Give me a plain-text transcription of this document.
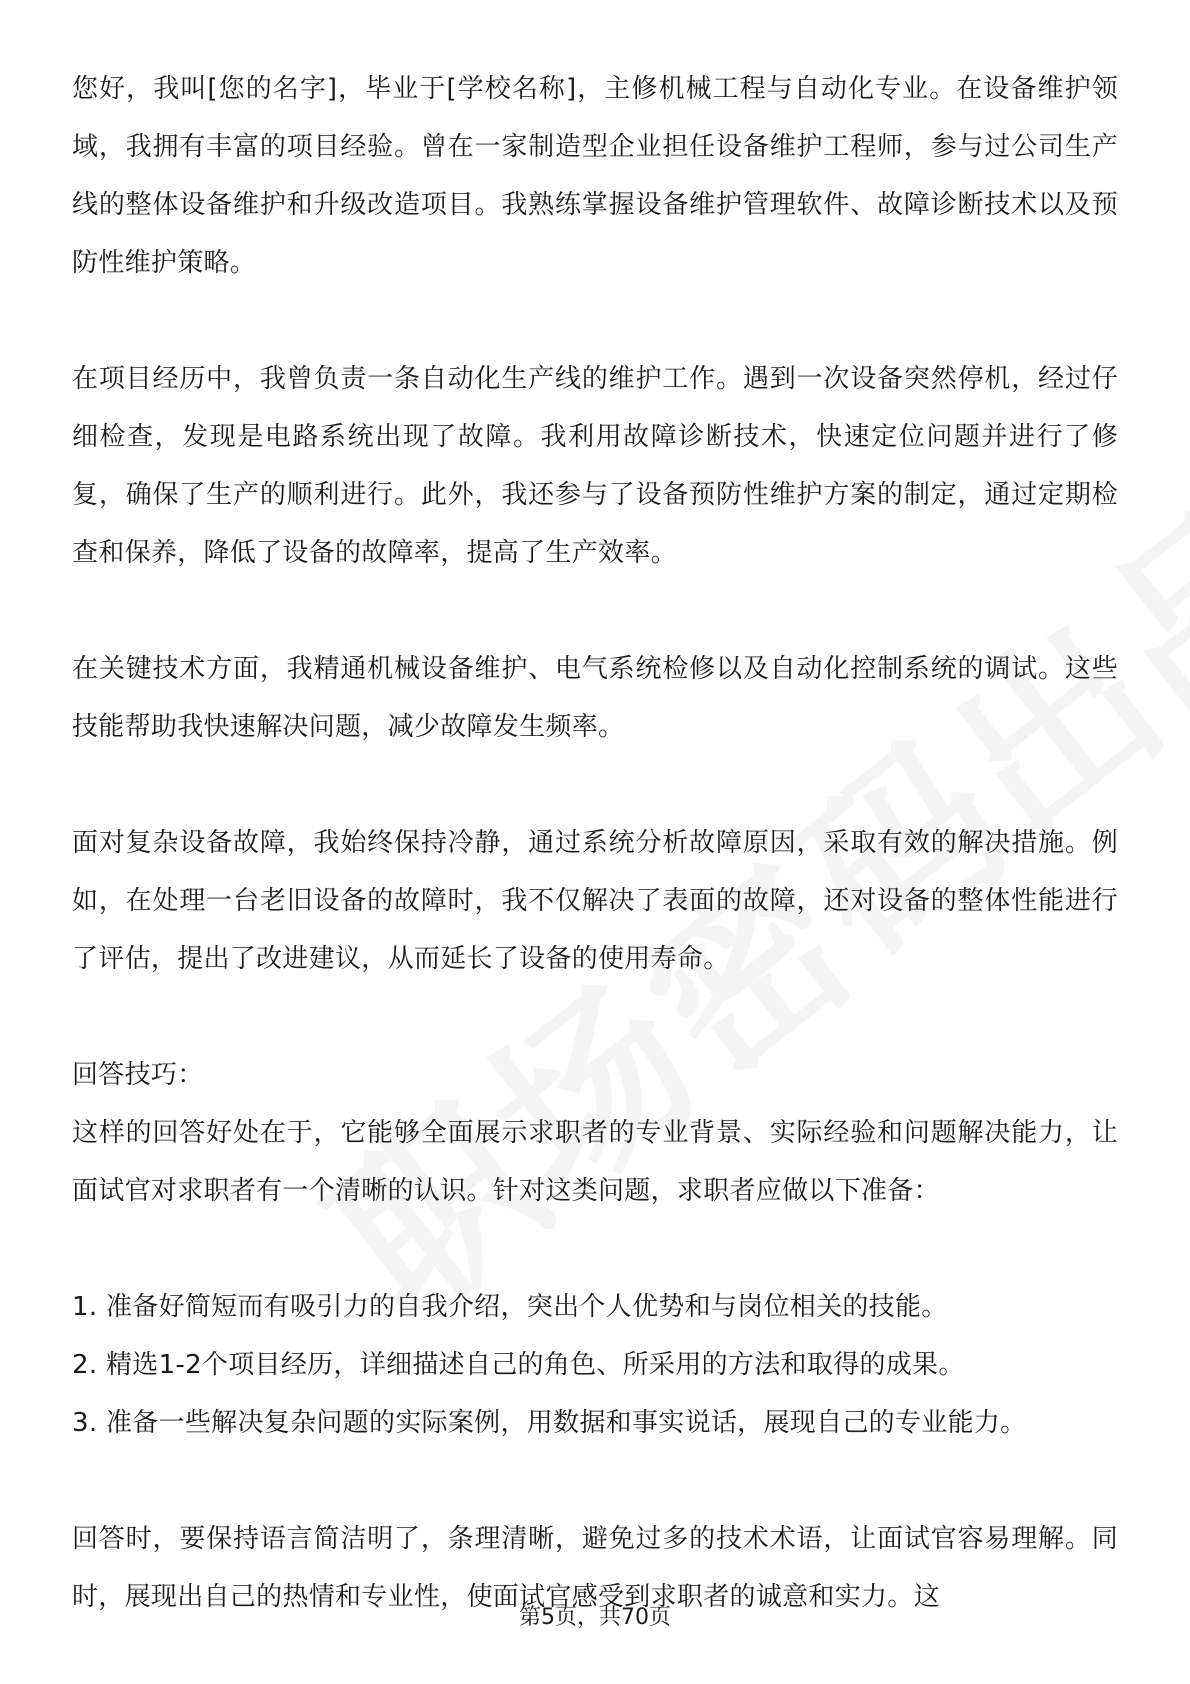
您好，我叫[您的名字]，毕业于[学校名称]，主修机械工程与自动化专业。在设备维护领域，我拥有丰富的项目经验。曾在一家制造型企业担任设备维护工程师，参与过公司生产线的整体设备维护和升级改造项目。我熟练掌握设备维护管理软件、故障诊断技术以及预防性维护策略。

在项目经历中，我曾负责一条自动化生产线的维护工作。遇到一次设备突然停机，经过仔细检查，发现是电路系统出现了故障。我利用故障诊断技术，快速定位问题并进行了修复，确保了生产的顺利进行。此外，我还参与了设备预防性维护方案的制定，通过定期检查和保养，降低了设备的故障率，提高了生产效率。

在关键技术方面，我精通机械设备维护、电气系统检修以及自动化控制系统的调试。这些技能帮助我快速解决问题，减少故障发生频率。

面对复杂设备故障，我始终保持冷静，通过系统分析故障原因，采取有效的解决措施。例如，在处理一台老旧设备的故障时，我不仅解决了表面的故障，还对设备的整体性能进行了评估，提出了改进建议，从而延长了设备的使用寿命。

回答技巧：

这样的回答好处在于，它能够全面展示求职者的专业背景、实际经验和问题解决能力，让面试官对求职者有一个清晰的认识。针对这类问题，求职者应做以下准备：

1. 准备好简短而有吸引力的自我介绍，突出个人优势和与岗位相关的技能。

2. 精选1-2个项目经历，详细描述自己的角色、所采用的方法和取得的成果。

3. 准备一些解决复杂问题的实际案例，用数据和事实说话，展现自己的专业能力。

回答时，要保持语言简洁明了，条理清晰，避免过多的技术术语，让面试官容易理解。同时，展现出自己的热情和专业性，使面试官感受到求职者的诚意和实力。这

第5页，共70页
